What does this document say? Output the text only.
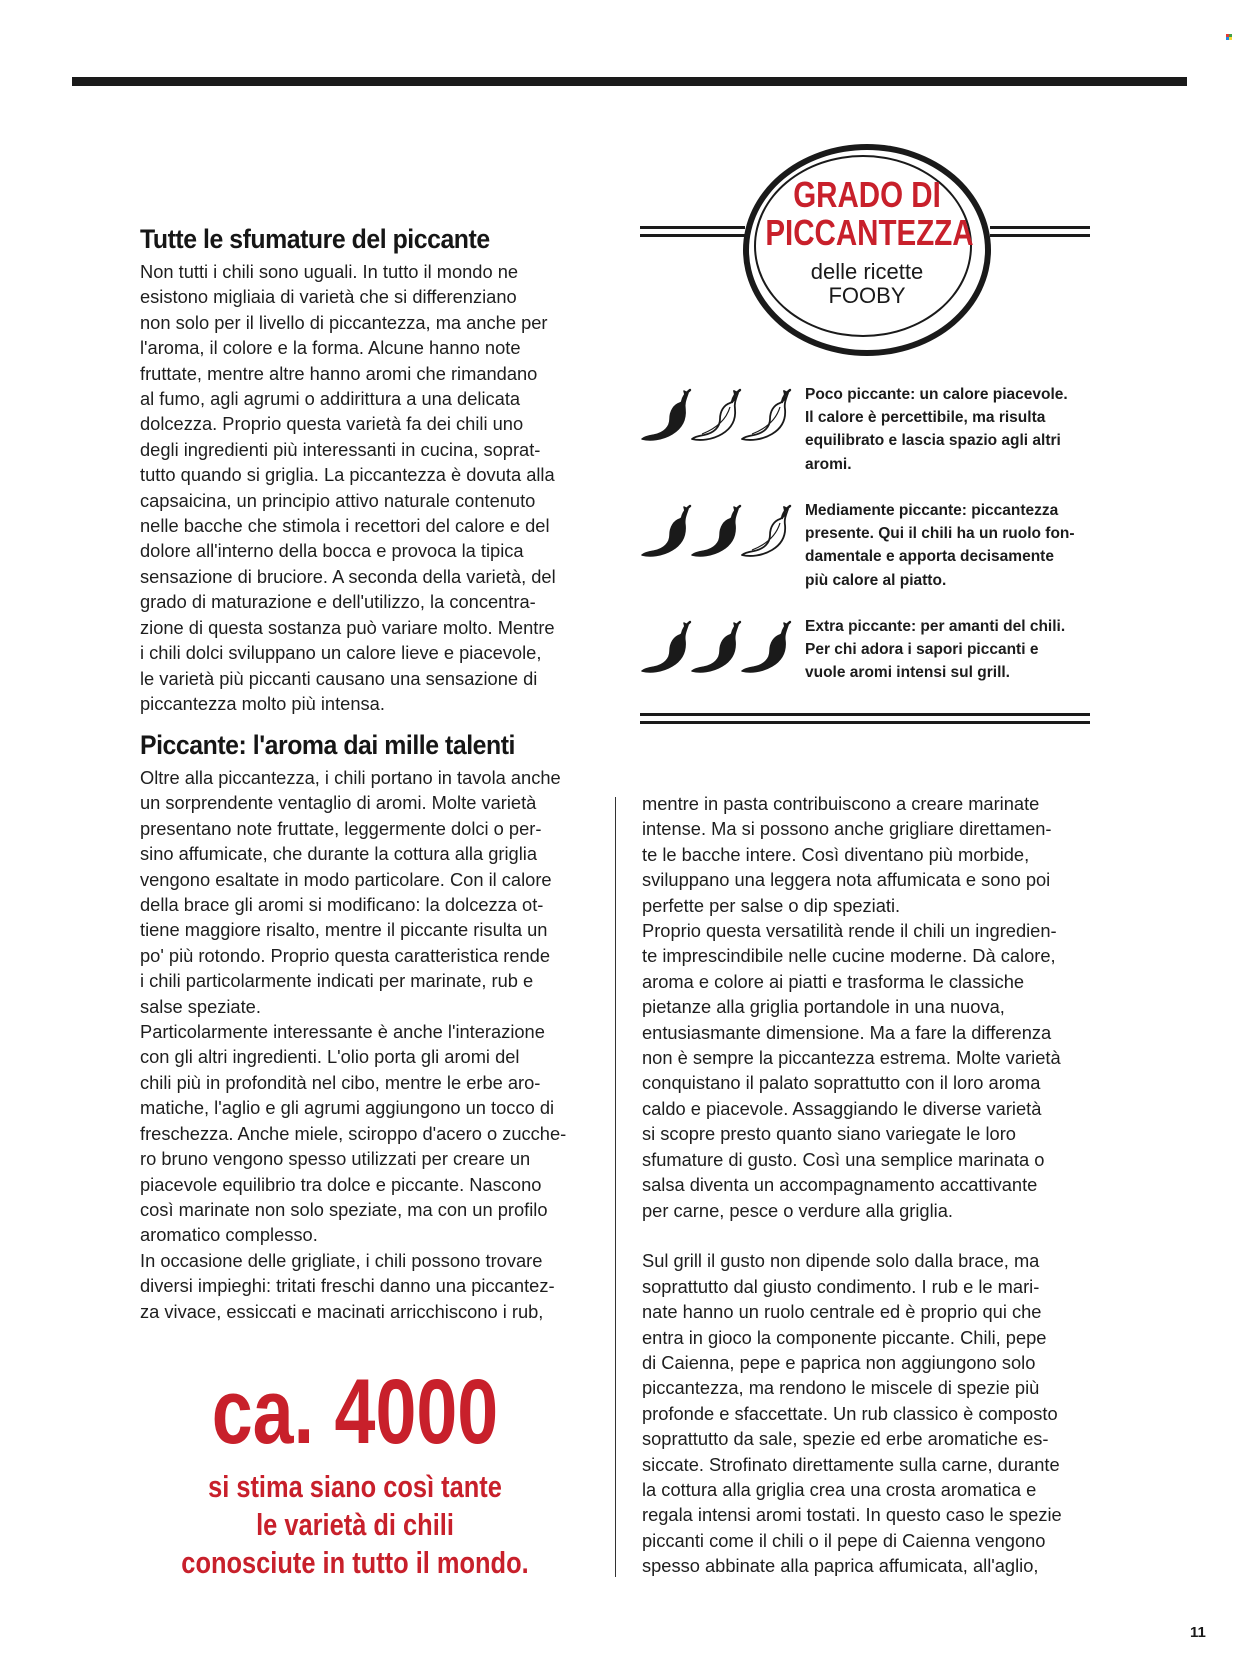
Tutte le sfumature del piccante

Non tutti i chili sono uguali. In tutto il mondo ne

esistono migliaia di varietà che si differenziano

non solo per il livello di piccantezza, ma anche per

l'aroma, il colore e la forma. Alcune hanno note

fruttate, mentre altre hanno aromi che rimandano

al fumo, agli agrumi o addirittura a una delicata

dolcezza. Proprio questa varietà fa dei chili uno

degli ingredienti più interessanti in cucina, soprat-

tutto quando si griglia. La piccantezza è dovuta alla

capsaicina, un principio attivo naturale contenuto

nelle bacche che stimola i recettori del calore e del

dolore all'interno della bocca e provoca la tipica

sensazione di bruciore. A seconda della varietà, del

grado di maturazione e dell'utilizzo, la concentra-

zione di questa sostanza può variare molto. Mentre

i chili dolci sviluppano un calore lieve e piacevole,

le varietà più piccanti causano una sensazione di

piccantezza molto più intensa.

Piccante: l'aroma dai mille talenti

Oltre alla piccantezza, i chili portano in tavola anche

un sorprendente ventaglio di aromi. Molte varietà

presentano note fruttate, leggermente dolci o per-

sino affumicate, che durante la cottura alla griglia

vengono esaltate in modo particolare. Con il calore

della brace gli aromi si modificano: la dolcezza ot-

tiene maggiore risalto, mentre il piccante risulta un

po' più rotondo. Proprio questa caratteristica rende

i chili particolarmente indicati per marinate, rub e

salse speziate.

Particolarmente interessante è anche l'interazione

con gli altri ingredienti. L'olio porta gli aromi del

chili più in profondità nel cibo, mentre le erbe aro-

matiche, l'aglio e gli agrumi aggiungono un tocco di

freschezza. Anche miele, sciroppo d'acero o zucche-

ro bruno vengono spesso utilizzati per creare un

piacevole equilibrio tra dolce e piccante. Nascono

così marinate non solo speziate, ma con un profilo

aromatico complesso.

In occasione delle grigliate, i chili possono trovare

diversi impieghi: tritati freschi danno una piccantez-

za vivace, essiccati e macinati arricchiscono i rub,

GRADO DI
PICCANTEZZA
delle ricette
FOOBY
Poco piccante: un calore piacevole.
Il calore è percettibile, ma risulta
equilibrato e lascia spazio agli altri
aromi.
Mediamente piccante: piccantezza
presente. Qui il chili ha un ruolo fon-
damentale e apporta decisamente
più calore al piatto.
Extra piccante: per amanti del chili.
Per chi adora i sapori piccanti e
vuole aromi intensi sul grill.

mentre in pasta contribuiscono a creare marinate

intense. Ma si possono anche grigliare direttamen-

te le bacche intere. Così diventano più morbide,

sviluppano una leggera nota affumicata e sono poi

perfette per salse o dip speziati.

Proprio questa versatilità rende il chili un ingredien-

te imprescindibile nelle cucine moderne. Dà calore,

aroma e colore ai piatti e trasforma le classiche

pietanze alla griglia portandole in una nuova,

entusiasmante dimensione. Ma a fare la differenza

non è sempre la piccantezza estrema. Molte varietà

conquistano il palato soprattutto con il loro aroma

caldo e piacevole. Assaggiando le diverse varietà

si scopre presto quanto siano variegate le loro

sfumature di gusto. Così una semplice marinata o

salsa diventa un accompagnamento accattivante

per carne, pesce o verdure alla griglia.

Sul grill il gusto non dipende solo dalla brace, ma

soprattutto dal giusto condimento. I rub e le mari-

nate hanno un ruolo centrale ed è proprio qui che

entra in gioco la componente piccante. Chili, pepe

di Caienna, pepe e paprica non aggiungono solo

piccantezza, ma rendono le miscele di spezie più

profonde e sfaccettate. Un rub classico è composto

soprattutto da sale, spezie ed erbe aromatiche es-

siccate. Strofinato direttamente sulla carne, durante

la cottura alla griglia crea una crosta aromatica e

regala intensi aromi tostati. In questo caso le spezie

piccanti come il chili o il pepe di Caienna vengono

spesso abbinate alla paprica affumicata, all'aglio,

ca. 4000
si stima siano così tante
le varietà di chili
conosciute in tutto il mondo.
11
